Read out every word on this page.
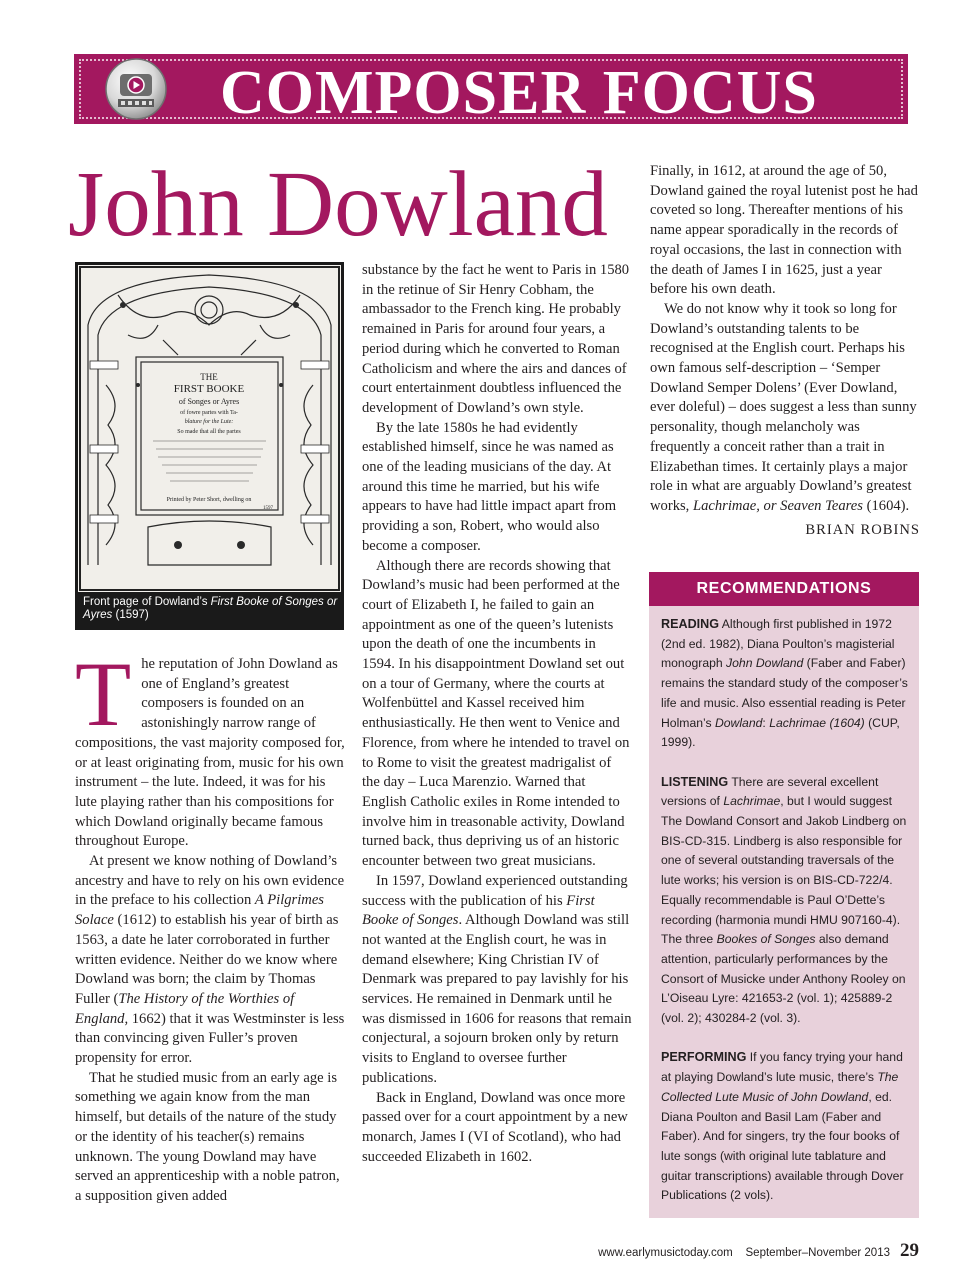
COMPOSER FOCUS
John Dowland
THE
FIRST BOOKE
of Songes or Ayres
of fowre partes with Ta-
blature for the Lute:
So made that all the partes
Printed by Peter Short, dwelling on
1597
Front page of Dowland’s First Booke of Songes or Ayres (1597)

The reputation of John Dowland as one of England’s greatest composers is founded on an astonishingly narrow range of compositions, the vast majority composed for, or at least originating from, music for his own instrument – the lute. Indeed, it was for his lute playing rather than his compositions for which Dowland originally became famous throughout Europe.

At present we know nothing of Dowland’s ancestry and have to rely on his own evidence in the preface to his collection A Pilgrimes Solace (1612) to establish his year of birth as 1563, a date he later corroborated in further written evidence. Neither do we know where Dowland was born; the claim by Thomas Fuller (The History of the Worthies of England, 1662) that it was Westminster is less than convincing given Fuller’s proven propensity for error.

That he studied music from an early age is something we again know from the man himself, but details of the nature of the study or the identity of his teacher(s) remains unknown. The young Dowland may have served an apprenticeship with a noble patron, a supposition given added

substance by the fact he went to Paris in 1580 in the retinue of Sir Henry Cobham, the ambassador to the French king. He probably remained in Paris for around four years, a period during which he converted to Roman Catholicism and where the airs and dances of court entertainment doubtless influenced the development of Dowland’s own style.

By the late 1580s he had evidently established himself, since he was named as one of the leading musicians of the day. At around this time he married, but his wife appears to have had little impact apart from providing a son, Robert, who would also become a composer.

Although there are records showing that Dowland’s music had been performed at the court of Elizabeth I, he failed to gain an appointment as one of the queen’s lutenists upon the death of one the incumbents in 1594. In his disappointment Dowland set out on a tour of Germany, where the courts at Wolfenbüttel and Kassel received him enthusiastically. He then went to Venice and Florence, from where he intended to travel on to Rome to visit the greatest madrigalist of the day – Luca Marenzio. Warned that English Catholic exiles in Rome intended to involve him in treasonable activity, Dowland turned back, thus depriving us of an historic encounter between two great musicians.

In 1597, Dowland experienced outstanding success with the publication of his First Booke of Songes. Although Dowland was still not wanted at the English court, he was in demand elsewhere; King Christian IV of Denmark was prepared to pay lavishly for his services. He remained in Denmark until he was dismissed in 1606 for reasons that remain conjectural, a sojourn broken only by return visits to England to oversee further publications.

Back in England, Dowland was once more passed over for a court appointment by a new monarch, James I (VI of Scotland), who had succeeded Elizabeth in 1602.

Finally, in 1612, at around the age of 50, Dowland gained the royal lutenist post he had coveted so long. Thereafter mentions of his name appear sporadically in the records of royal occasions, the last in connection with the death of James I in 1625, just a year before his own death.

We do not know why it took so long for Dowland’s outstanding talents to be recognised at the English court. Perhaps his own famous self-description – ‘Semper Dowland Semper Dolens’ (Ever Dowland, ever doleful) – does suggest a less than sunny personality, though melancholy was frequently a conceit rather than a trait in Elizabethan times. It certainly plays a major role in what are arguably Dowland’s greatest works, Lachrimae, or Seaven Teares (1604).

BRIAN ROBINS
RECOMMENDATIONS

READING Although first published in 1972 (2nd ed. 1982), Diana Poulton’s magisterial monograph John Dowland (Faber and Faber) remains the standard study of the composer’s life and music. Also essential reading is Peter Holman’s Dowland: Lachrimae (1604) (CUP, 1999).

LISTENING There are several excellent versions of Lachrimae, but I would suggest The Dowland Consort and Jakob Lindberg on BIS-CD-315. Lindberg is also responsible for one of several outstanding traversals of the lute works; his version is on BIS-CD-722/4. Equally recommendable is Paul O’Dette’s recording (harmonia mundi HMU 907160-4). The three Bookes of Songes also demand attention, particularly performances by the Consort of Musicke under Anthony Rooley on L’Oiseau Lyre: 421653-2 (vol. 1); 425889-2 (vol. 2); 430284-2 (vol. 3).

PERFORMING If you fancy trying your hand at playing Dowland’s lute music, there’s The Collected Lute Music of John Dowland, ed. Diana Poulton and Basil Lam (Faber and Faber). And for singers, try the four books of lute songs (with original lute tablature and guitar transcriptions) available through Dover Publications (2 vols).

www.earlymusictoday.com September–November 2013 29
